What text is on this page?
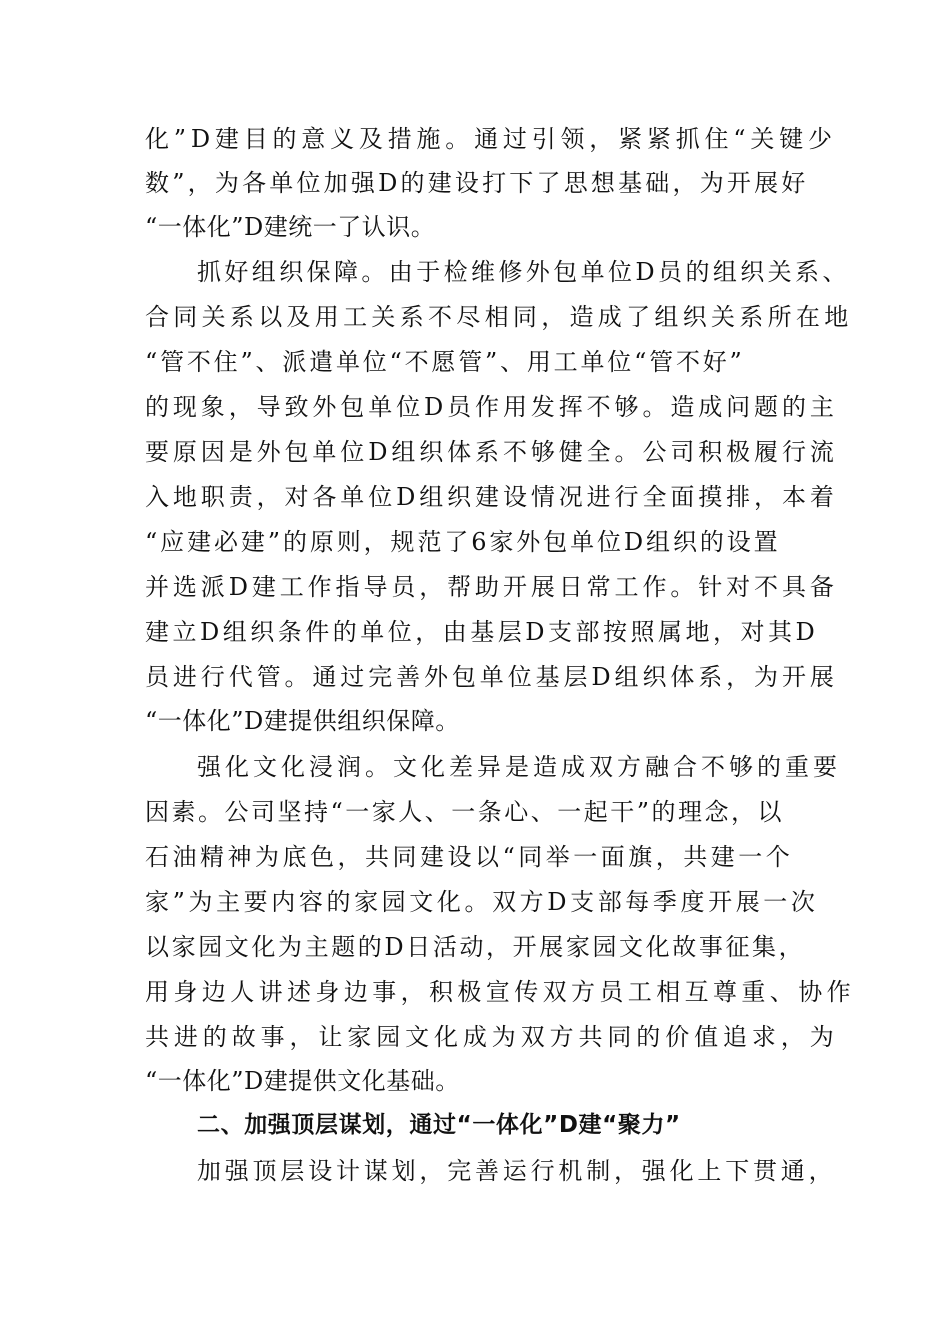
化”D建目的意义及措施。通过引领，紧紧抓住“关键少
数”，为各单位加强D的建设打下了思想基础，为开展好
“一体化”D建统一了认识。
抓好组织保障。由于检维修外包单位D员的组织关系、
合同关系以及用工关系不尽相同，造成了组织关系所在地
“管不住”、派遣单位“不愿管”、用工单位“管不好”
的现象，导致外包单位D员作用发挥不够。造成问题的主
要原因是外包单位D组织体系不够健全。公司积极履行流
入地职责，对各单位D组织建设情况进行全面摸排，本着
“应建必建”的原则，规范了6家外包单位D组织的设置
并选派D建工作指导员，帮助开展日常工作。针对不具备
建立D组织条件的单位，由基层D支部按照属地，对其D
员进行代管。通过完善外包单位基层D组织体系，为开展
“一体化”D建提供组织保障。
强化文化浸润。文化差异是造成双方融合不够的重要
因素。公司坚持“一家人、一条心、一起干”的理念，以
石油精神为底色，共同建设以“同举一面旗，共建一个
家”为主要内容的家园文化。双方D支部每季度开展一次
以家园文化为主题的D日活动，开展家园文化故事征集，
用身边人讲述身边事，积极宣传双方员工相互尊重、协作
共进的故事，让家园文化成为双方共同的价值追求，为
“一体化”D建提供文化基础。
二、加强顶层谋划，通过“一体化”D建“聚力”
加强顶层设计谋划，完善运行机制，强化上下贯通，
